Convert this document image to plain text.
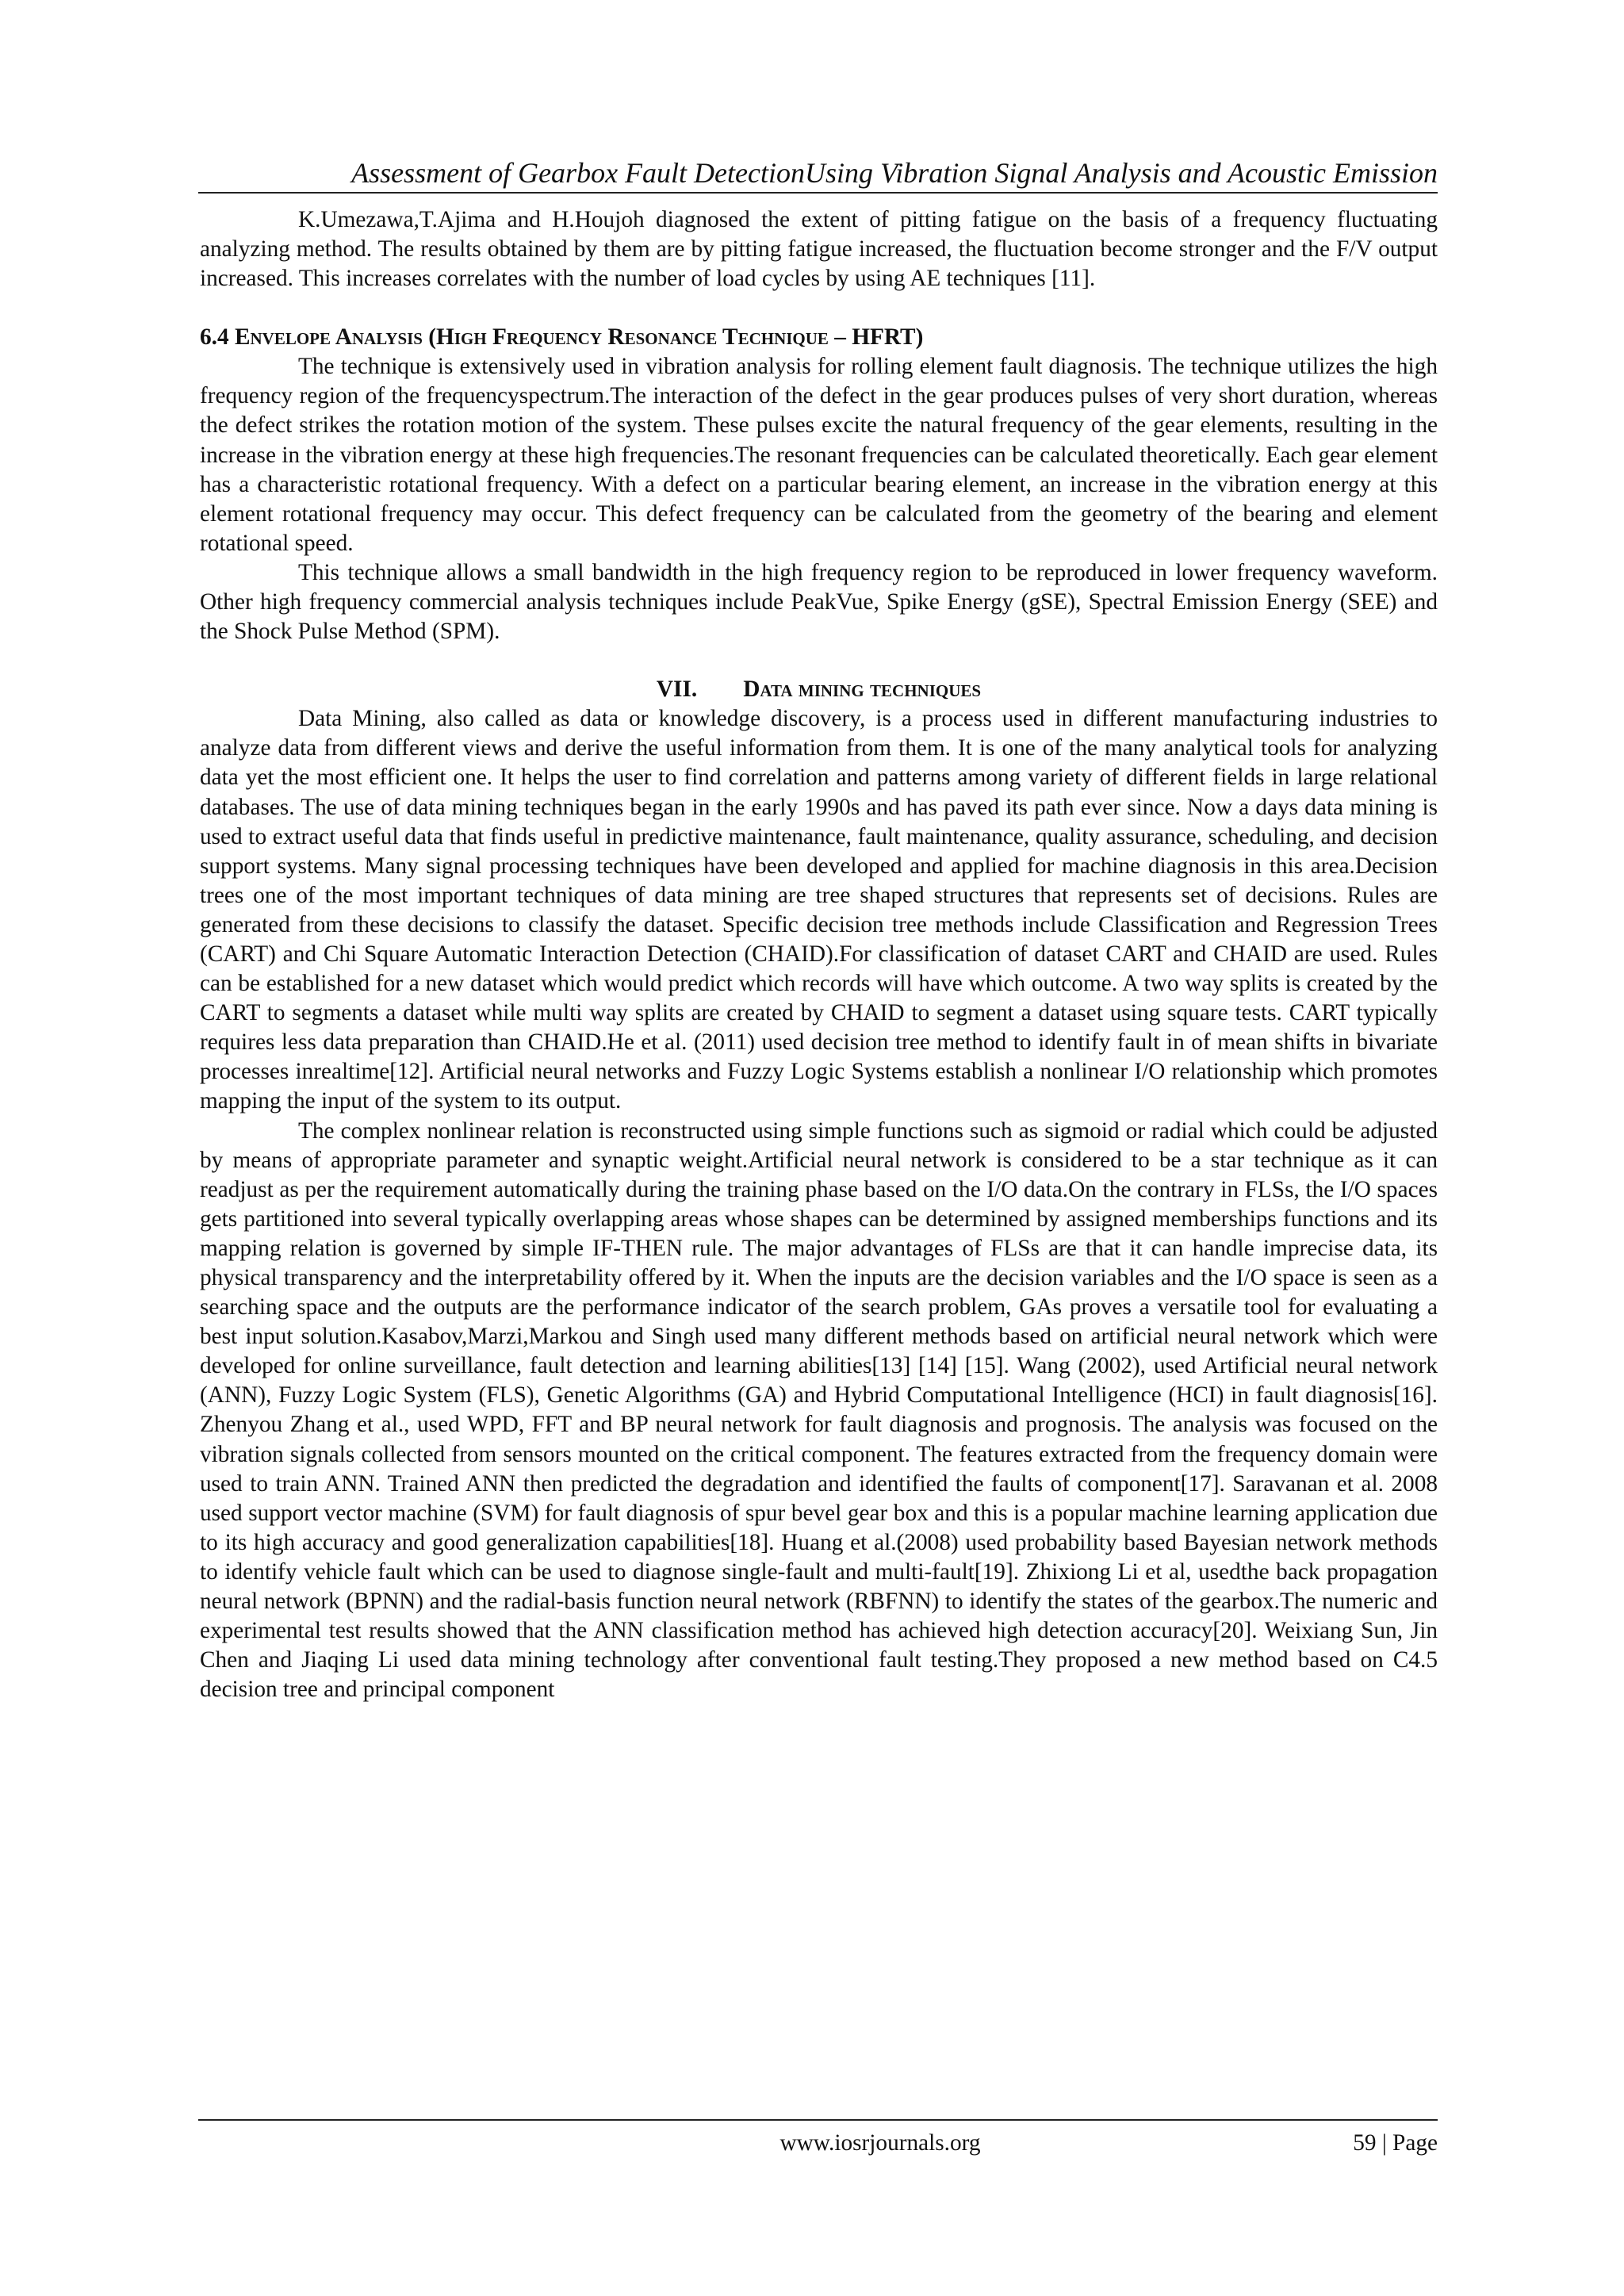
Assessment of Gearbox Fault DetectionUsing Vibration Signal Analysis and Acoustic Emission

K.Umezawa,T.Ajima and H.Houjoh diagnosed the extent of pitting fatigue on the basis of a frequency fluctuating analyzing method. The results obtained by them are by pitting fatigue increased, the fluctuation become stronger and the F/V output increased. This increases correlates with the number of load cycles by using AE techniques [11].

6.4 Envelope Analysis (High Frequency Resonance Technique – HFRT)

The technique is extensively used in vibration analysis for rolling element fault diagnosis. The technique utilizes the high frequency region of the frequencyspectrum.The interaction of the defect in the gear produces pulses of very short duration, whereas the defect strikes the rotation motion of the system. These pulses excite the natural frequency of the gear elements, resulting in the increase in the vibration energy at these high frequencies.The resonant frequencies can be calculated theoretically. Each gear element has a characteristic rotational frequency. With a defect on a particular bearing element, an increase in the vibration energy at this element rotational frequency may occur. This defect frequency can be calculated from the geometry of the bearing and element rotational speed.

This technique allows a small bandwidth in the high frequency region to be reproduced in lower frequency waveform. Other high frequency commercial analysis techniques include PeakVue, Spike Energy (gSE), Spectral Emission Energy (SEE) and the Shock Pulse Method (SPM).

VII. Data mining techniques

Data Mining, also called as data or knowledge discovery, is a process used in different manufacturing industries to analyze data from different views and derive the useful information from them. It is one of the many analytical tools for analyzing data yet the most efficient one. It helps the user to find correlation and patterns among variety of different fields in large relational databases. The use of data mining techniques began in the early 1990s and has paved its path ever since. Now a days data mining is used to extract useful data that finds useful in predictive maintenance, fault maintenance, quality assurance, scheduling, and decision support systems. Many signal processing techniques have been developed and applied for machine diagnosis in this area.Decision trees one of the most important techniques of data mining are tree shaped structures that represents set of decisions. Rules are generated from these decisions to classify the dataset. Specific decision tree methods include Classification and Regression Trees (CART) and Chi Square Automatic Interaction Detection (CHAID).For classification of dataset CART and CHAID are used. Rules can be established for a new dataset which would predict which records will have which outcome. A two way splits is created by the CART to segments a dataset while multi way splits are created by CHAID to segment a dataset using square tests. CART typically requires less data preparation than CHAID.He et al. (2011) used decision tree method to identify fault in of mean shifts in bivariate processes inrealtime[12]. Artificial neural networks and Fuzzy Logic Systems establish a nonlinear I/O relationship which promotes mapping the input of the system to its output.

The complex nonlinear relation is reconstructed using simple functions such as sigmoid or radial which could be adjusted by means of appropriate parameter and synaptic weight.Artificial neural network is considered to be a star technique as it can readjust as per the requirement automatically during the training phase based on the I/O data.On the contrary in FLSs, the I/O spaces gets partitioned into several typically overlapping areas whose shapes can be determined by assigned memberships functions and its mapping relation is governed by simple IF-THEN rule. The major advantages of FLSs are that it can handle imprecise data, its physical transparency and the interpretability offered by it. When the inputs are the decision variables and the I/O space is seen as a searching space and the outputs are the performance indicator of the search problem, GAs proves a versatile tool for evaluating a best input solution.Kasabov,Marzi,Markou and Singh used many different methods based on artificial neural network which were developed for online surveillance, fault detection and learning abilities[13] [14] [15]. Wang (2002), used Artificial neural network (ANN), Fuzzy Logic System (FLS), Genetic Algorithms (GA) and Hybrid Computational Intelligence (HCI) in fault diagnosis[16]. Zhenyou Zhang et al., used WPD, FFT and BP neural network for fault diagnosis and prognosis. The analysis was focused on the vibration signals collected from sensors mounted on the critical component. The features extracted from the frequency domain were used to train ANN. Trained ANN then predicted the degradation and identified the faults of component[17]. Saravanan et al. 2008 used support vector machine (SVM) for fault diagnosis of spur bevel gear box and this is a popular machine learning application due to its high accuracy and good generalization capabilities[18]. Huang et al.(2008) used probability based Bayesian network methods to identify vehicle fault which can be used to diagnose single-fault and multi-fault[19]. Zhixiong Li et al, usedthe back propagation neural network (BPNN) and the radial-basis function neural network (RBFNN) to identify the states of the gearbox.The numeric and experimental test results showed that the ANN classification method has achieved high detection accuracy[20]. Weixiang Sun, Jin Chen and Jiaqing Li used data mining technology after conventional fault testing.They proposed a new method based on C4.5 decision tree and principal component

www.iosrjournals.org	59 | Page
